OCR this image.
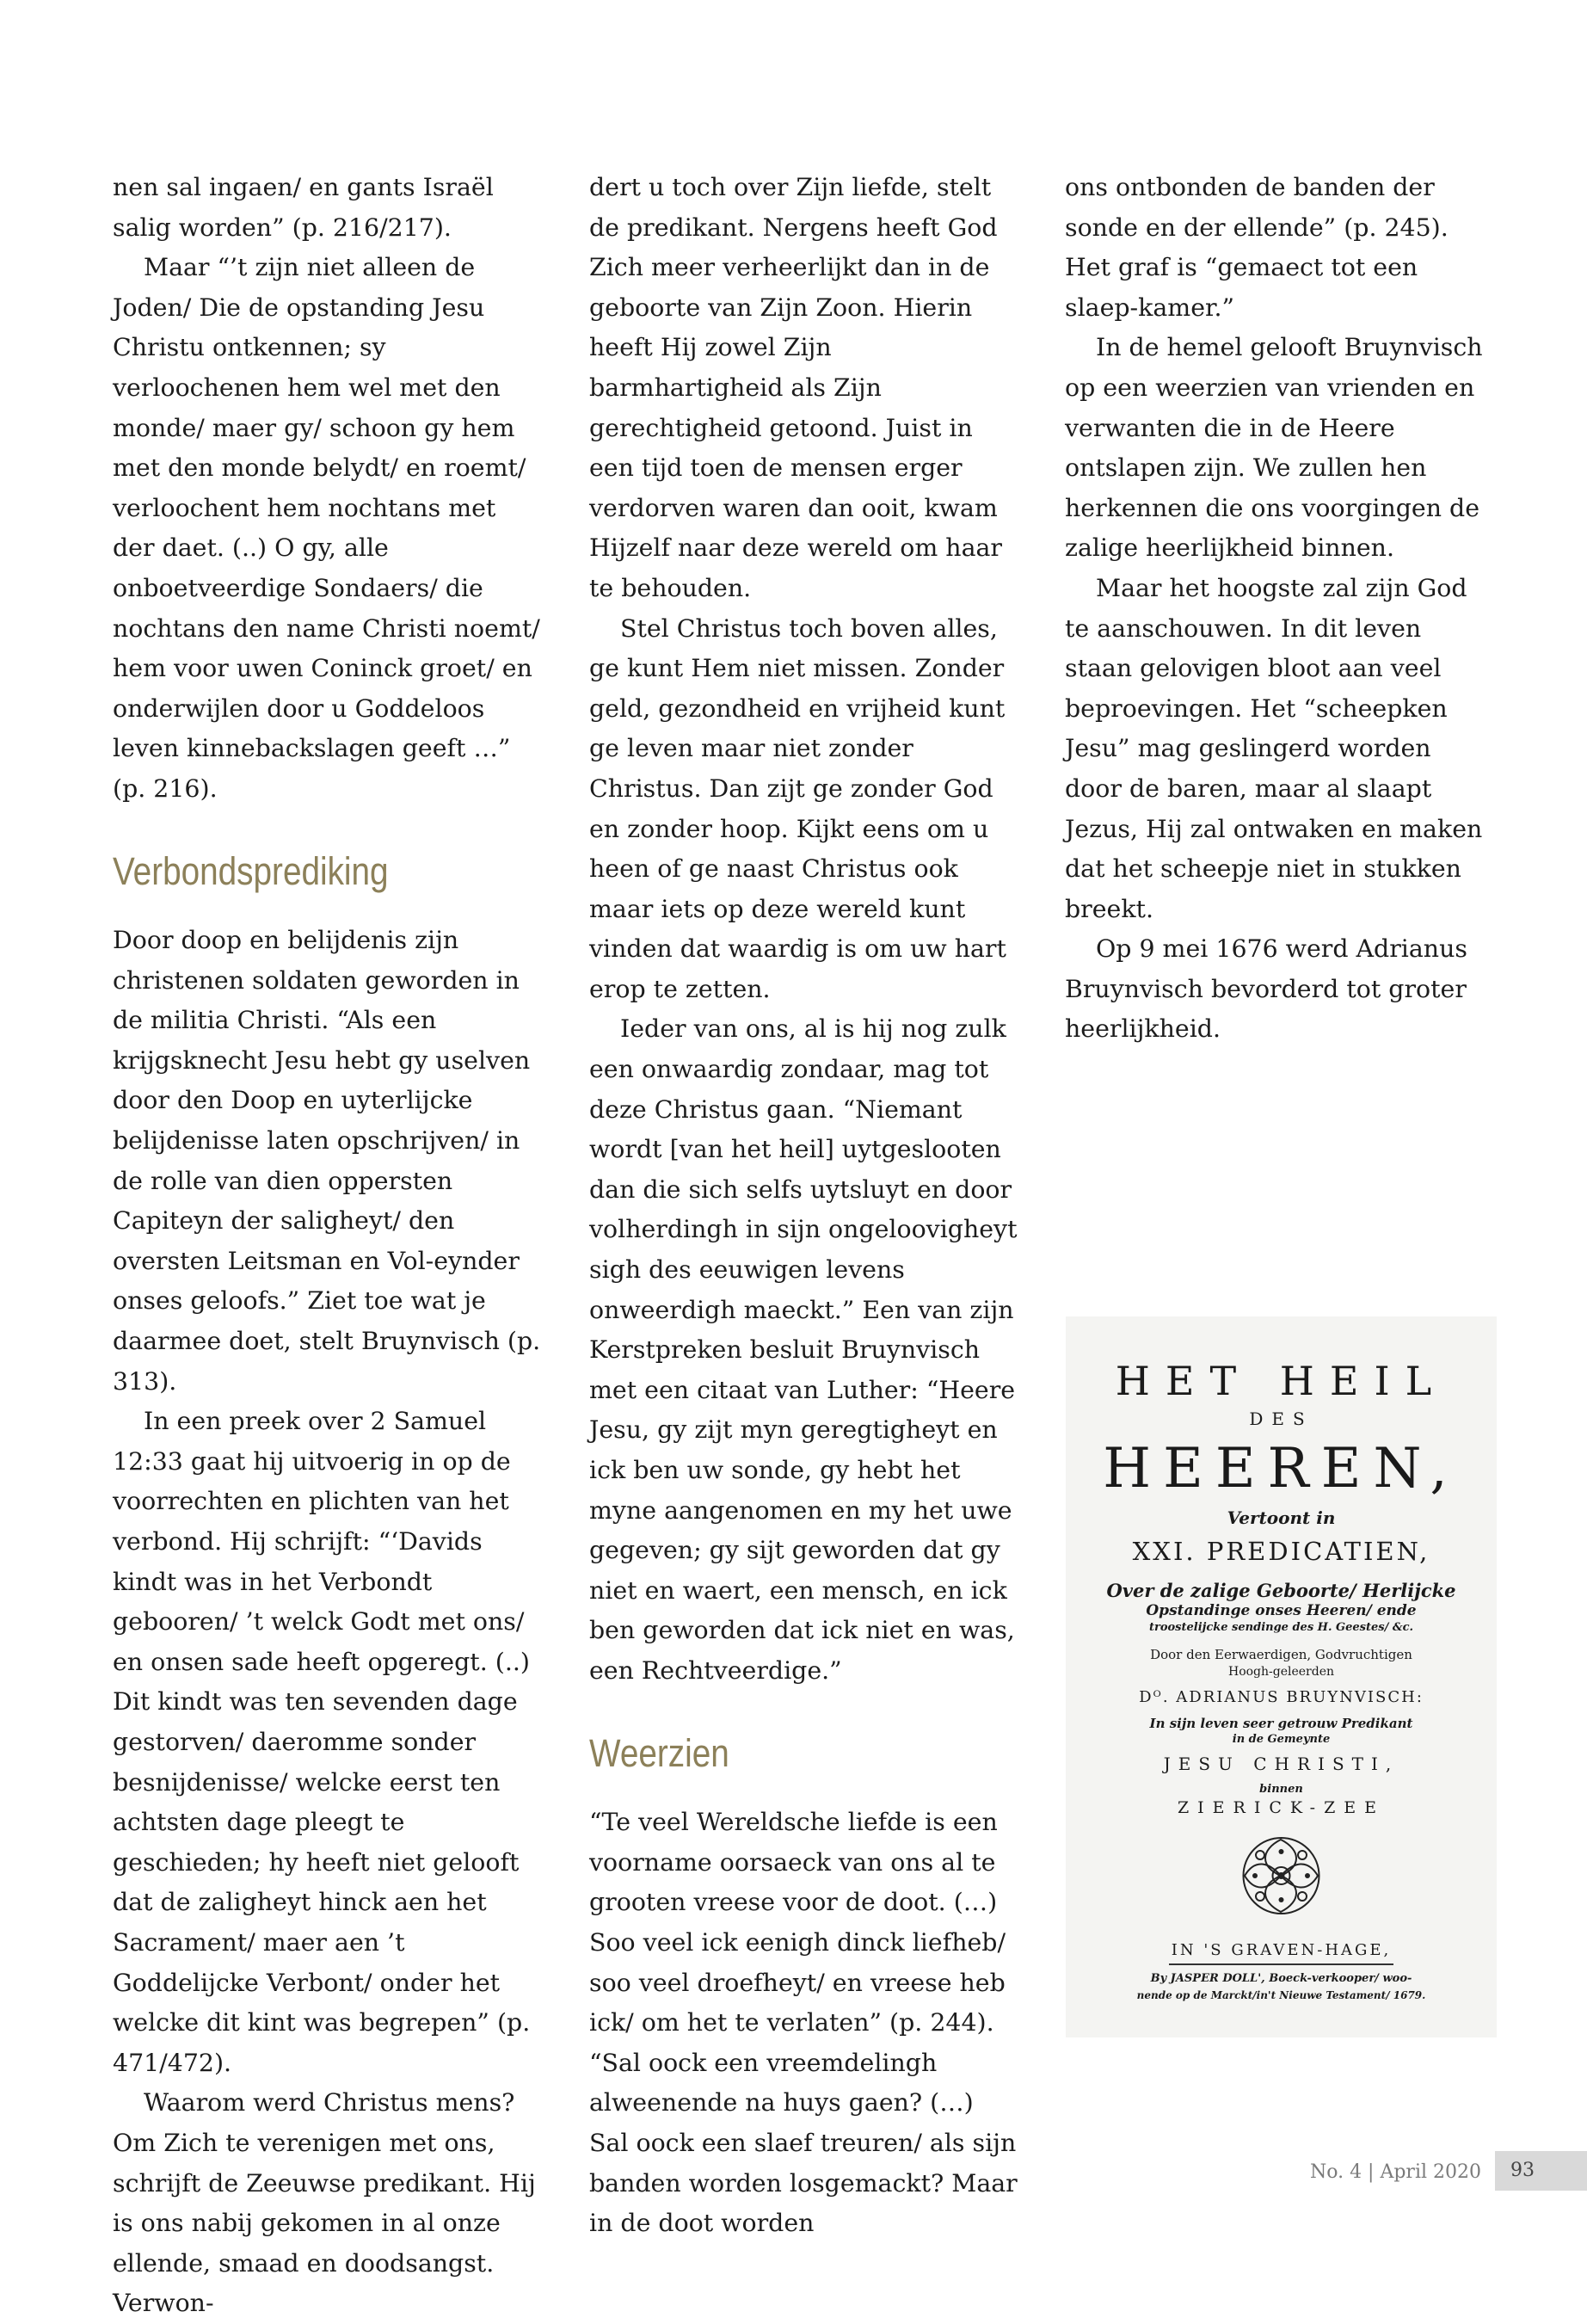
nen sal ingaen/ en gants Israël salig worden” (p. 216/217).

Maar “’t zijn niet alleen de Joden/ Die de opstanding Jesu Christu ontkennen; sy verloochenen hem wel met den monde/ maer gy/ schoon gy hem met den monde belydt/ en roemt/ verloochent hem nochtans met der daet. (..) O gy, alle onboetveerdige Sondaers/ die nochtans den name Christi noemt/ hem voor uwen Coninck groet/ en onderwijlen door u Goddeloos leven kinnebackslagen geeft …” (p. 216).

Verbondsprediking

Door doop en belijdenis zijn christenen soldaten geworden in de militia Christi. “Als een krijgsknecht Jesu hebt gy uselven door den Doop en uyterlijcke belijdenisse laten opschrijven/ in de rolle van dien oppersten Capiteyn der saligheyt/ den oversten Leitsman en Vol-eynder onses geloofs.” Ziet toe wat je daarmee doet, stelt Bruynvisch (p. 313).

In een preek over 2 Samuel 12:33 gaat hij uitvoerig in op de voorrechten en plichten van het verbond. Hij schrijft: “‘Davids kindt was in het Verbondt gebooren/ ’t welck Godt met ons/ en onsen sade heeft opgeregt. (..) Dit kindt was ten sevenden dage gestorven/ daeromme sonder besnijdenisse/ welcke eerst ten achtsten dage pleegt te geschieden; hy heeft niet gelooft dat de zaligheyt hinck aen het Sacrament/ maer aen ’t Goddelijcke Verbont/ onder het welcke dit kint was begrepen” (p. 471/472).

Waarom werd Christus mens? Om Zich te verenigen met ons, schrijft de Zeeuwse predikant. Hij is ons nabij gekomen in al onze ellende, smaad en doodsangst. Verwon-

dert u toch over Zijn liefde, stelt de predikant. Nergens heeft God Zich meer verheerlijkt dan in de geboorte van Zijn Zoon. Hierin heeft Hij zowel Zijn barmhartigheid als Zijn gerechtigheid getoond. Juist in een tijd toen de mensen erger verdorven waren dan ooit, kwam Hijzelf naar deze wereld om haar te behouden.

Stel Christus toch boven alles, ge kunt Hem niet missen. Zonder geld, gezondheid en vrijheid kunt ge leven maar niet zonder Christus. Dan zijt ge zonder God en zonder hoop. Kijkt eens om u heen of ge naast Christus ook maar iets op deze wereld kunt vinden dat waardig is om uw hart erop te zetten.

Ieder van ons, al is hij nog zulk een onwaardig zondaar, mag tot deze Christus gaan. “Niemant wordt [van het heil] uytgeslooten dan die sich selfs uytsluyt en door volherdingh in sijn ongeloovigheyt sigh des eeuwigen levens onweerdigh maeckt.” Een van zijn Kerstpreken besluit Bruynvisch met een citaat van Luther: “Heere Jesu, gy zijt myn geregtigheyt en ick ben uw sonde, gy hebt het myne aangenomen en my het uwe gegeven; gy sijt geworden dat gy niet en waert, een mensch, en ick ben geworden dat ick niet en was, een Rechtveerdige.”

Weerzien

“Te veel Wereldsche liefde is een voorname oorsaeck van ons al te grooten vreese voor de doot. (…) Soo veel ick eenigh dinck liefheb/ soo veel droefheyt/ en vreese heb ick/ om het te verlaten” (p. 244). “Sal oock een vreemdelingh alweenende na huys gaen? (…) Sal oock een slaef treuren/ als sijn banden worden losgemackt? Maar in de doot worden

ons ontbonden de banden der sonde en der ellende” (p. 245). Het graf is “gemaect tot een slaep-kamer.”

In de hemel gelooft Bruynvisch op een weerzien van vrienden en verwanten die in de Heere ontslapen zijn. We zullen hen herkennen die ons voorgingen de zalige heerlijkheid binnen.

Maar het hoogste zal zijn God te aanschouwen. In dit leven staan gelovigen bloot aan veel beproevingen. Het “scheepken Jesu” mag geslingerd worden door de baren, maar al slaapt Jezus, Hij zal ontwaken en maken dat het scheepje niet in stukken breekt.

Op 9 mei 1676 werd Adrianus Bruynvisch bevorderd tot groter heerlijkheid.

HET HEIL
DES
HEEREN,
Vertoont in
XXI. PREDICATIEN,
Over de zalige Geboorte/ Herlijcke
Opstandinge onses Heeren/ ende
troostelijcke sendinge des H. Geestes/ &c.
Door den Eerwaerdigen, Godvruchtigen
Hoogh-geleerden
Dᴼ. ADRIANUS BRUYNVISCH:
In sijn leven seer getrouw Predikant
in de Gemeynte
JESU CHRISTI,
binnen
ZIERICK-ZEE
IN 'S GRAVEN-HAGE,
By JASPER DOLL', Boeck-verkooper/ woo-
nende op de Marckt/in't Nieuwe Testament/ 1679.
No. 4 | April 2020	93
